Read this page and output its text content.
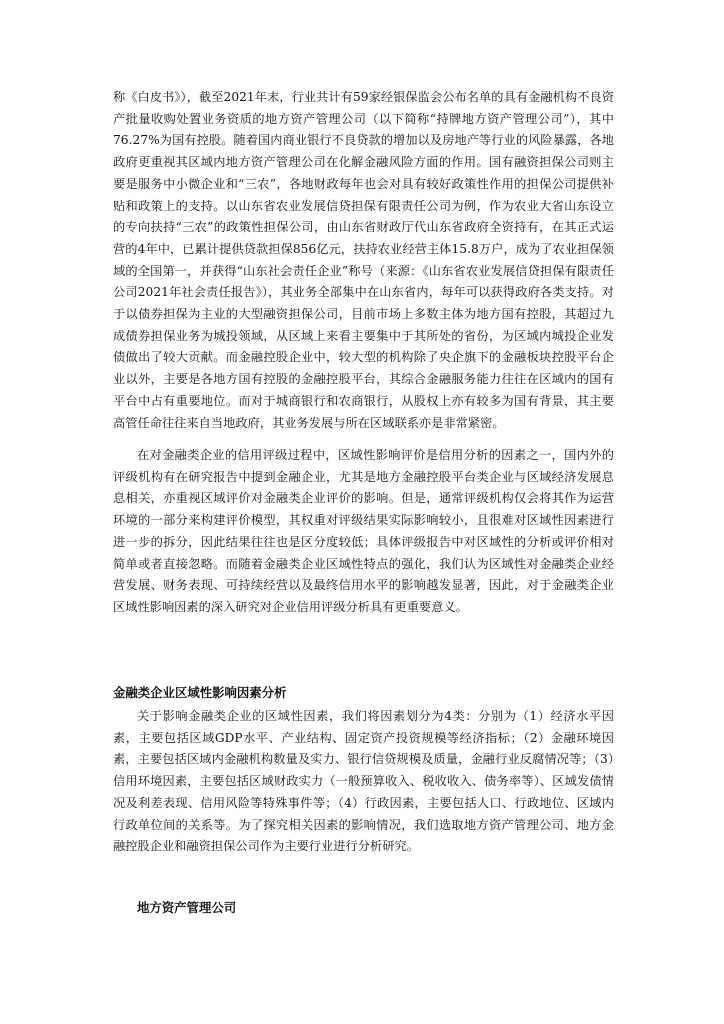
称《白皮书》），截至2021年末，行业共计有59家经银保监会公布名单的具有金融机构不良资产批量收购处置业务资质的地方资产管理公司（以下简称“持牌地方资产管理公司”），其中76.27%为国有控股。随着国内商业银行不良贷款的增加以及房地产等行业的风险暴露，各地政府更重视其区域内地方资产管理公司在化解金融风险方面的作用。国有融资担保公司则主要是服务中小微企业和“三农”，各地财政每年也会对具有较好政策性作用的担保公司提供补贴和政策上的支持。以山东省农业发展信贷担保有限责任公司为例，作为农业大省山东设立的专向扶持“三农”的政策性担保公司，由山东省财政厅代山东省政府全资持有，在其正式运营的4年中，已累计提供贷款担保856亿元，扶持农业经营主体15.8万户，成为了农业担保领域的全国第一，并获得“山东社会责任企业”称号（来源：《山东省农业发展信贷担保有限责任公司2021年社会责任报告》），其业务全部集中在山东省内，每年可以获得政府各类支持。对于以债券担保为主业的大型融资担保公司，目前市场上多数主体为地方国有控股，其超过九成债券担保业务为城投领域，从区域上来看主要集中于其所处的省份，为区域内城投企业发债做出了较大贡献。而金融控股企业中，较大型的机构除了央企旗下的金融板块控股平台企业以外，主要是各地方国有控股的金融控股平台，其综合金融服务能力往往在区域内的国有平台中占有重要地位。而对于城商银行和农商银行，从股权上亦有较多为国有背景，其主要高管任命往往来自当地政府，其业务发展与所在区域联系亦是非常紧密。

在对金融类企业的信用评级过程中，区域性影响评价是信用分析的因素之一，国内外的评级机构有在研究报告中提到金融企业，尤其是地方金融控股平台类企业与区域经济发展息息相关，亦重视区域评价对金融类企业评价的影响。但是，通常评级机构仅会将其作为运营环境的一部分来构建评价模型，其权重对评级结果实际影响较小，且很难对区域性因素进行进一步的拆分，因此结果往往也是区分度较低；具体评级报告中对区域性的分析或评价相对简单或者直接忽略。而随着金融类企业区域性特点的强化，我们认为区域性对金融类企业经营发展、财务表现、可持续经营以及最终信用水平的影响越发显著，因此，对于金融类企业区域性影响因素的深入研究对企业信用评级分析具有更重要意义。

金融类企业区域性影响因素分析

关于影响金融类企业的区域性因素，我们将因素划分为4类：分别为（1）经济水平因素，主要包括区域GDP水平、产业结构、固定资产投资规模等经济指标；（2）金融环境因素，主要包括区域内金融机构数量及实力、银行信贷规模及质量，金融行业反腐情况等；（3）信用环境因素，主要包括区域财政实力（一般预算收入、税收收入、债务率等）、区域发债情况及利差表现、信用风险等特殊事件等；（4）行政因素，主要包括人口、行政地位、区域内行政单位间的关系等。为了探究相关因素的影响情况，我们选取地方资产管理公司、地方金融控股企业和融资担保公司作为主要行业进行分析研究。

地方资产管理公司
